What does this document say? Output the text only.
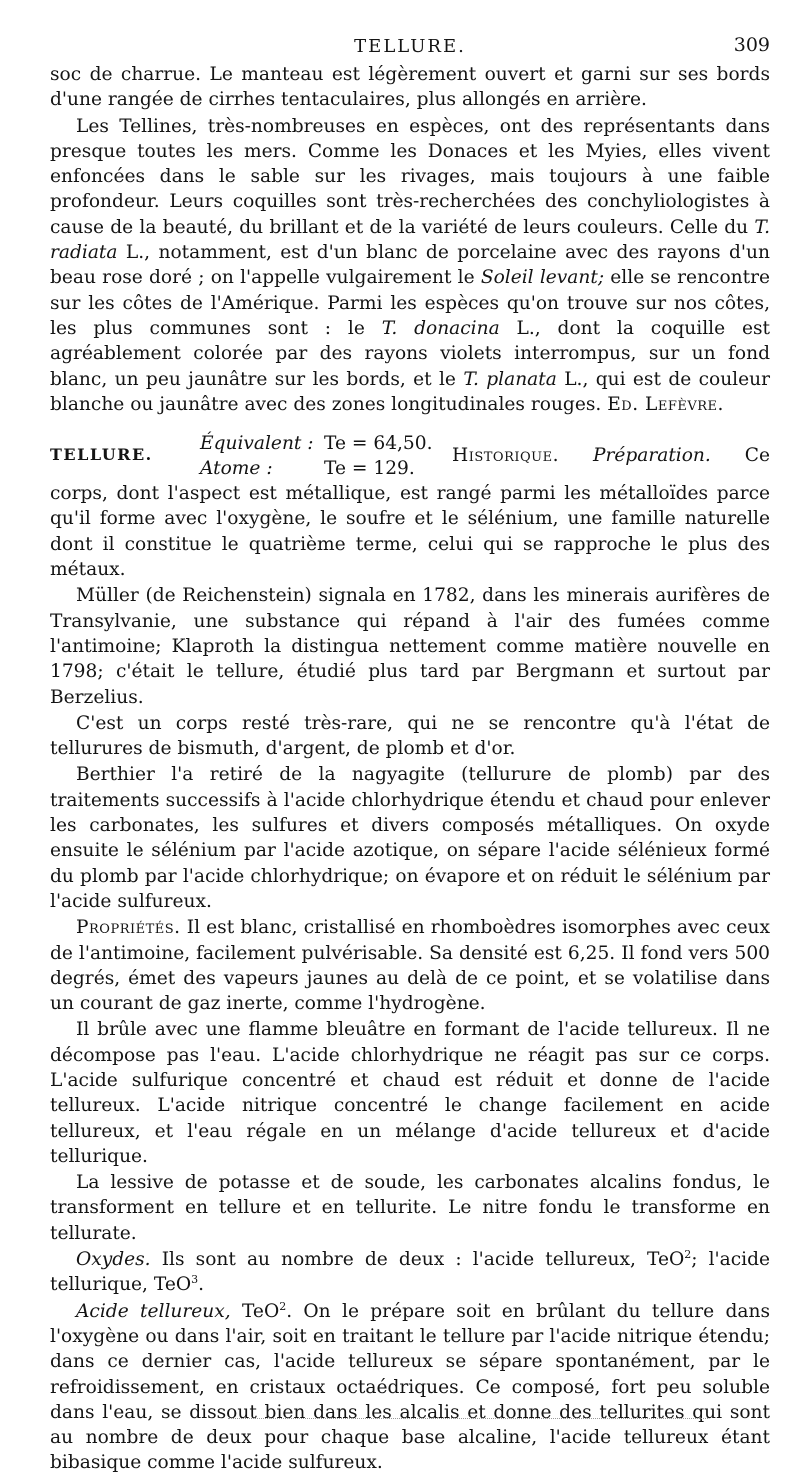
TELLURE.	309

soc de charrue. Le manteau est légèrement ouvert et garni sur ses bords d'une rangée de cirrhes tentaculaires, plus allongés en arrière.

Les Tellines, très-nombreuses en espèces, ont des représentants dans presque toutes les mers. Comme les Donaces et les Myies, elles vivent enfoncées dans le sable sur les rivages, mais toujours à une faible profondeur. Leurs coquilles sont très-recherchées des conchyliologistes à cause de la beauté, du brillant et de la variété de leurs couleurs. Celle du T. radiata L., notamment, est d'un blanc de porcelaine avec des rayons d'un beau rose doré ; on l'appelle vulgairement le Soleil levant; elle se rencontre sur les côtes de l'Amérique. Parmi les espèces qu'on trouve sur nos côtes, les plus communes sont : le T. donacina L., dont la coquille est agréablement colorée par des rayons violets interrompus, sur un fond blanc, un peu jaunâtre sur les bords, et le T. planata L., qui est de couleur blanche ou jaunâtre avec des zones longitudinales rouges. Ed. Lefèvre.

TELLURE.
Équivalent : Te = 64,50.
Atome :	Te = 129.
Historique. Préparation. Ce

corps, dont l'aspect est métallique, est rangé parmi les métalloïdes parce qu'il forme avec l'oxygène, le soufre et le sélénium, une famille naturelle dont il constitue le quatrième terme, celui qui se rapproche le plus des métaux.

Müller (de Reichenstein) signala en 1782, dans les minerais aurifères de Transylvanie, une substance qui répand à l'air des fumées comme l'antimoine; Klaproth la distingua nettement comme matière nouvelle en 1798; c'était le tellure, étudié plus tard par Bergmann et surtout par Berzelius.

C'est un corps resté très-rare, qui ne se rencontre qu'à l'état de tellurures de bismuth, d'argent, de plomb et d'or.

Berthier l'a retiré de la nagyagite (tellurure de plomb) par des traitements successifs à l'acide chlorhydrique étendu et chaud pour enlever les carbonates, les sulfures et divers composés métalliques. On oxyde ensuite le sélénium par l'acide azotique, on sépare l'acide sélénieux formé du plomb par l'acide chlorhydrique; on évapore et on réduit le sélénium par l'acide sulfureux.

Propriétés. Il est blanc, cristallisé en rhomboèdres isomorphes avec ceux de l'antimoine, facilement pulvérisable. Sa densité est 6,25. Il fond vers 500 degrés, émet des vapeurs jaunes au delà de ce point, et se volatilise dans un courant de gaz inerte, comme l'hydrogène.

Il brûle avec une flamme bleuâtre en formant de l'acide tellureux. Il ne décompose pas l'eau. L'acide chlorhydrique ne réagit pas sur ce corps. L'acide sulfurique concentré et chaud est réduit et donne de l'acide tellureux. L'acide nitrique concentré le change facilement en acide tellureux, et l'eau régale en un mélange d'acide tellureux et d'acide tellurique.

La lessive de potasse et de soude, les carbonates alcalins fondus, le transforment en tellure et en tellurite. Le nitre fondu le transforme en tellurate.

Oxydes. Ils sont au nombre de deux : l'acide tellureux, TeO$^2$; l'acide tellurique, TeO$^3$.

Acide tellureux, TeO$^2$. On le prépare soit en brûlant du tellure dans l'oxygène ou dans l'air, soit en traitant le tellure par l'acide nitrique étendu; dans ce dernier cas, l'acide tellureux se sépare spontanément, par le refroidissement, en cristaux octaédriques. Ce composé, fort peu soluble dans l'eau, se dissout bien dans les alcalis et donne des tellurites qui sont au nombre de deux pour chaque base alcaline, l'acide tellureux étant bibasique comme l'acide sulfureux.
